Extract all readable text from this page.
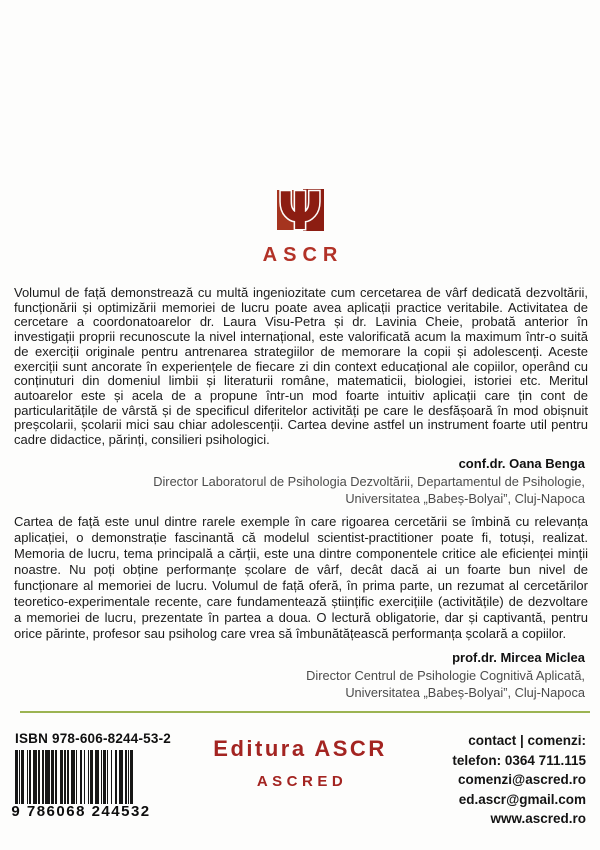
Ψ
ASCR

Volumul de față demonstrează cu multă ingeniozitate cum cercetarea de vârf dedicată dezvoltării, funcționării și optimizării memoriei de lucru poate avea aplicații practice veritabile. Activitatea de cercetare a coordonatoarelor dr. Laura Visu-Petra și dr. Lavinia Cheie, probată anterior în investigații proprii recunoscute la nivel internațional, este valorificată acum la maximum într-o suită de exerciții originale pentru antrenarea strategiilor de memorare la copii și adolescenți. Aceste exerciții sunt ancorate în experiențele de fiecare zi din context educațional ale copiilor, operând cu conținuturi din domeniul limbii și literaturii române, matematicii, biologiei, istoriei etc. Meritul autoarelor este și acela de a propune într-un mod foarte intuitiv aplicații care țin cont de particularitățile de vârstă și de specificul diferitelor activități pe care le desfășoară în mod obișnuit preșcolarii, școlarii mici sau chiar adolescenții. Cartea devine astfel un instrument foarte util pentru cadre didactice, părinți, consilieri psihologici.

conf.dr. Oana Benga
Director Laboratorul de Psihologia Dezvoltării, Departamentul de Psihologie,
Universitatea „Babeș-Bolyai”, Cluj-Napoca

Cartea de față este unul dintre rarele exemple în care rigoarea cercetării se îmbină cu relevanța aplicației, o demonstrație fascinantă că modelul scientist-practitioner poate fi, totuși, realizat. Memoria de lucru, tema principală a cărții, este una dintre componentele critice ale eficienței minții noastre. Nu poți obține performanțe școlare de vârf, decât dacă ai un foarte bun nivel de funcționare al memoriei de lucru. Volumul de față oferă, în prima parte, un rezumat al cercetărilor teoretico-experimentale recente, care fundamentează științific exercițiile (activitățile) de dezvoltare a memoriei de lucru, prezentate în partea a doua. O lectură obligatorie, dar și captivantă, pentru orice părinte, profesor sau psiholog care vrea să îmbunătățească performanța școlară a copiilor.

prof.dr. Mircea Miclea
Director Centrul de Psihologie Cognitivă Aplicată,
Universitatea „Babeș-Bolyai”, Cluj-Napoca
ISBN 978-606-8244-53-2
9 786068 244532
Editura ASCR
ASCRED
contact | comenzi:
telefon: 0364 711.115
comenzi@ascred.ro
ed.ascr@gmail.com
www.ascred.ro
